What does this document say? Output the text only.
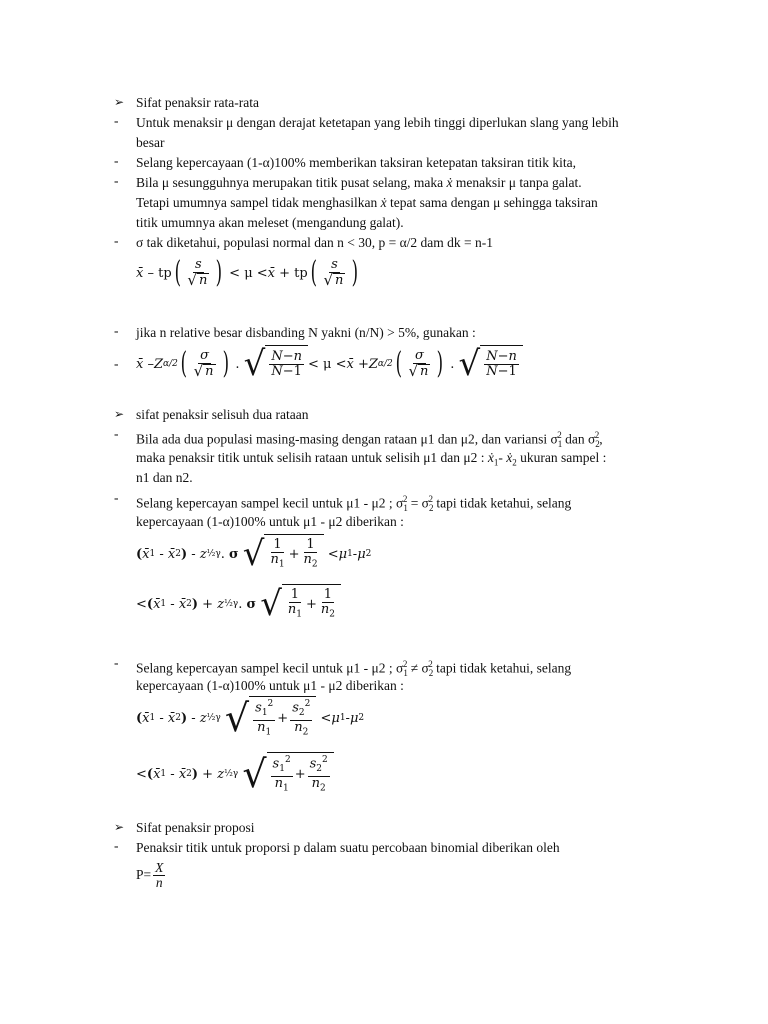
➢ Sifat penaksir rata-rata
- Untuk menaksir μ dengan derajat ketetapan yang lebih tinggi diperlukan slang yang lebih
besar
- Selang kepercayaan (1-α)100% memberikan taksiran ketepatan taksiran titik kita,
- Bila μ sesungguhnya merupakan titik pusat selang, maka ẋ menaksir μ tanpa galat.
Tetapi umumnya sampel tidak menghasilkan ẋ tepat sama dengan μ sehingga taksiran
titik umumnya akan meleset (mengandung galat).
- σ tak diketahui, populasi normal dan n < 30, p = α/2 dam dk = n-1
x̄ – tp ( $\frac{s}{√ n}$ ) < μ < x̄ + tp ( $\frac{s}{√ n}$ )
- jika n relative besar disbanding N yakni (n/N) > 5%, gunakan :
- x̄ – Z α/2 ( $\frac{\sigma}{√ n}$ ) . √ $\frac{N-n}{N-1} < \mu$ < x̄ + Z α/2 ( $\frac{\sigma}{√ n}$ ) . √ $\frac{N-n}{N-1}$
➢ sifat penaksir selisuh dua rataan
- Bila ada dua populasi masing-masing dengan rataan μ1 dan μ2, dan variansi $\sigma_1^2$ dan $\sigma_2^2$,
maka penaksir titik untuk selisih rataan untuk selisih μ1 dan μ2 : ẋ$_1$- ẋ$_2$ ukuran sampel :
n1 dan n2.
- Selang kepercayan sampel kecil untuk μ1 - μ2 ; $\sigma_1^2 = \sigma_2^2$ tapi tidak ketahui, selang
kepercayaan (1-α)100% untuk μ1 - μ2 diberikan :
( x̄ 1 - x̄ 2 ) - z ½γ . σ
√ $\frac{1}{n_1} + \frac{1}{n_2} < \mu$ 1 - μ 2
< ( x̄ 1 - x̄ 2 ) + z ½γ . σ
√ $\frac{1}{n_1} + \frac{1}{n_2}$
- Selang kepercayan sampel kecil untuk μ1 - μ2 ; $\sigma_1^2 \ne \sigma_2^2$ tapi tidak ketahui, selang
kepercayaan (1-α)100% untuk μ1 - μ2 diberikan :
( x̄ 1 - x̄ 2 ) - z ½γ
√ $\frac{s_1^2}{n_1} + \frac{s_2^2}{n_2} < \mu$ 1 - μ 2
< ( x̄ 1 - x̄ 2 ) + z ½γ
√ $\frac{s_1^2}{n_1} + \frac{s_2^2}{n_2}$
➢ Sifat penaksir proposi
- Penaksir titik untuk proporsi p dalam suatu percobaan binomial diberikan oleh
$P= \frac{X}{n}$
